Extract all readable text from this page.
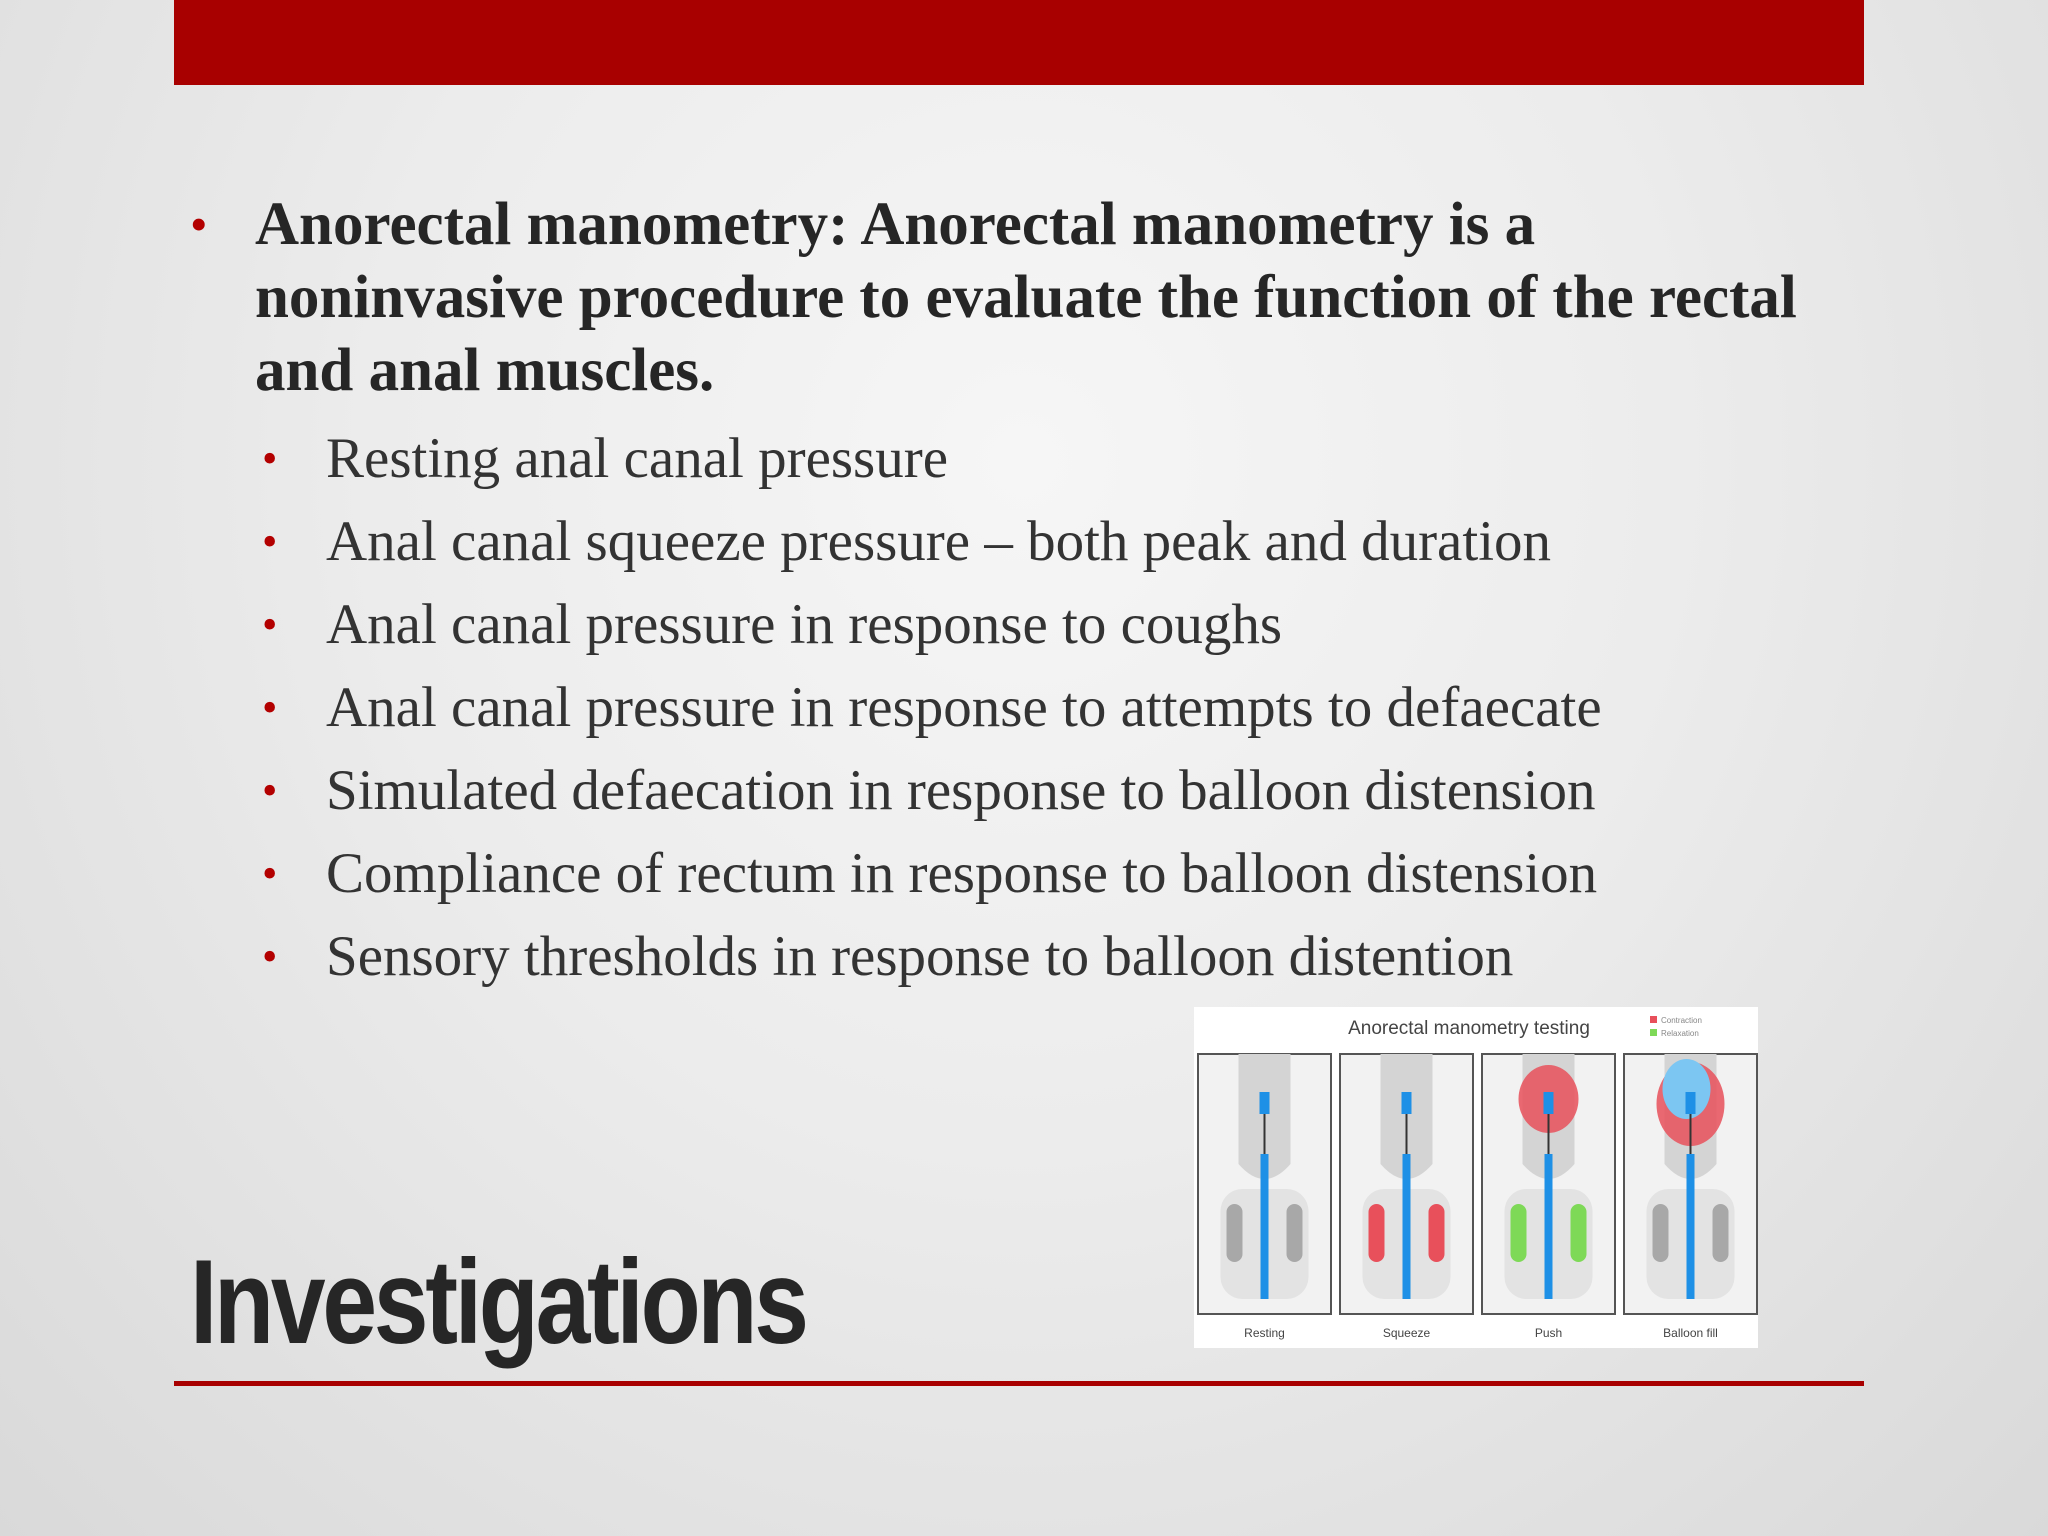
• Anorectal manometry: Anorectal manometry is a noninvasive procedure to evaluate the function of the rectal and anal muscles.
• Resting anal canal pressure
• Anal canal squeeze pressure – both peak and duration
• Anal canal pressure in response to coughs
• Anal canal pressure in response to attempts to defaecate
• Simulated defaecation in response to balloon distension
• Compliance of rectum in response to balloon distension
• Sensory thresholds in response to balloon distention
Anorectal manometry testing	Contraction
Relaxation
Resting	Squeeze	Push	Balloon fill
Investigations
